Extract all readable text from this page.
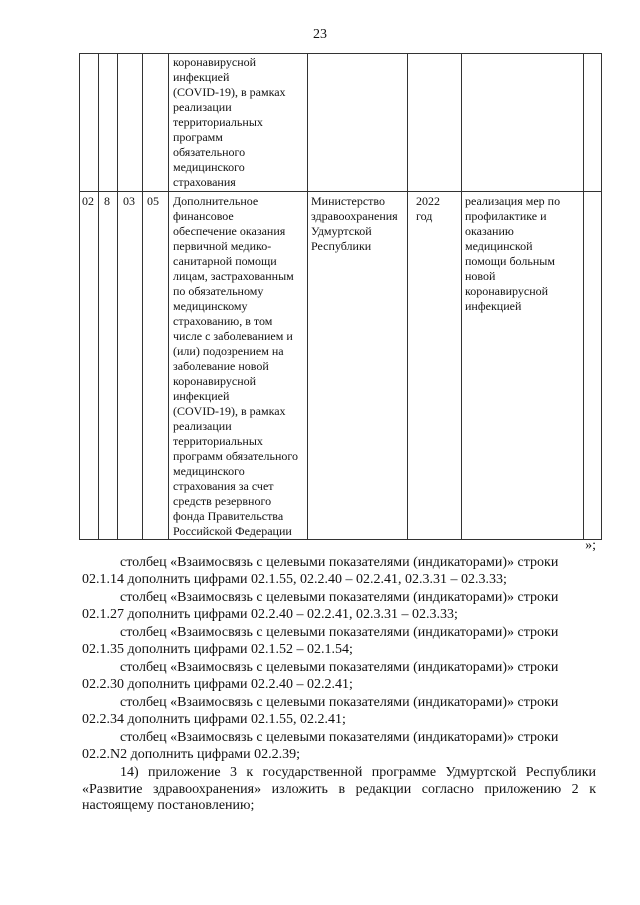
23
коронавирусной
инфекцией
(COVID-19), в рамках
реализации
территориальных
программ
обязательного
медицинского
страхования
02 8 03 05 Дополнительное
финансовое
обеспечение оказания
первичной медико-
санитарной помощи
лицам, застрахованным
по обязательному
медицинскому
страхованию, в том
числе с заболеванием и
(или) подозрением на
заболевание новой
коронавирусной
инфекцией
(COVID-19), в рамках
реализации
территориальных
программ обязательного
медицинского
страхования за счет
средств резервного
фонда Правительства
Российской Федерации
Министерство
здравоохранения
Удмуртской
Республики
2022
год
реализация мер по
профилактике и
оказанию
медицинской
помощи больным
новой
коронавирусной
инфекцией
»;

столбец «Взаимосвязь с целевыми показателями (индикаторами)» строки

02.1.14 дополнить цифрами 02.1.55, 02.2.40 – 02.2.41, 02.3.31 – 02.3.33;

столбец «Взаимосвязь с целевыми показателями (индикаторами)» строки

02.1.27 дополнить цифрами 02.2.40 – 02.2.41, 02.3.31 – 02.3.33;

столбец «Взаимосвязь с целевыми показателями (индикаторами)» строки

02.1.35 дополнить цифрами 02.1.52 – 02.1.54;

столбец «Взаимосвязь с целевыми показателями (индикаторами)» строки

02.2.30 дополнить цифрами 02.2.40 – 02.2.41;

столбец «Взаимосвязь с целевыми показателями (индикаторами)» строки

02.2.34 дополнить цифрами 02.1.55, 02.2.41;

столбец «Взаимосвязь с целевыми показателями (индикаторами)» строки

02.2.N2 дополнить цифрами 02.2.39;

14) приложение 3 к государственной программе Удмуртской Республики «Развитие здравоохранения» изложить в редакции согласно приложению 2 к настоящему постановлению;
